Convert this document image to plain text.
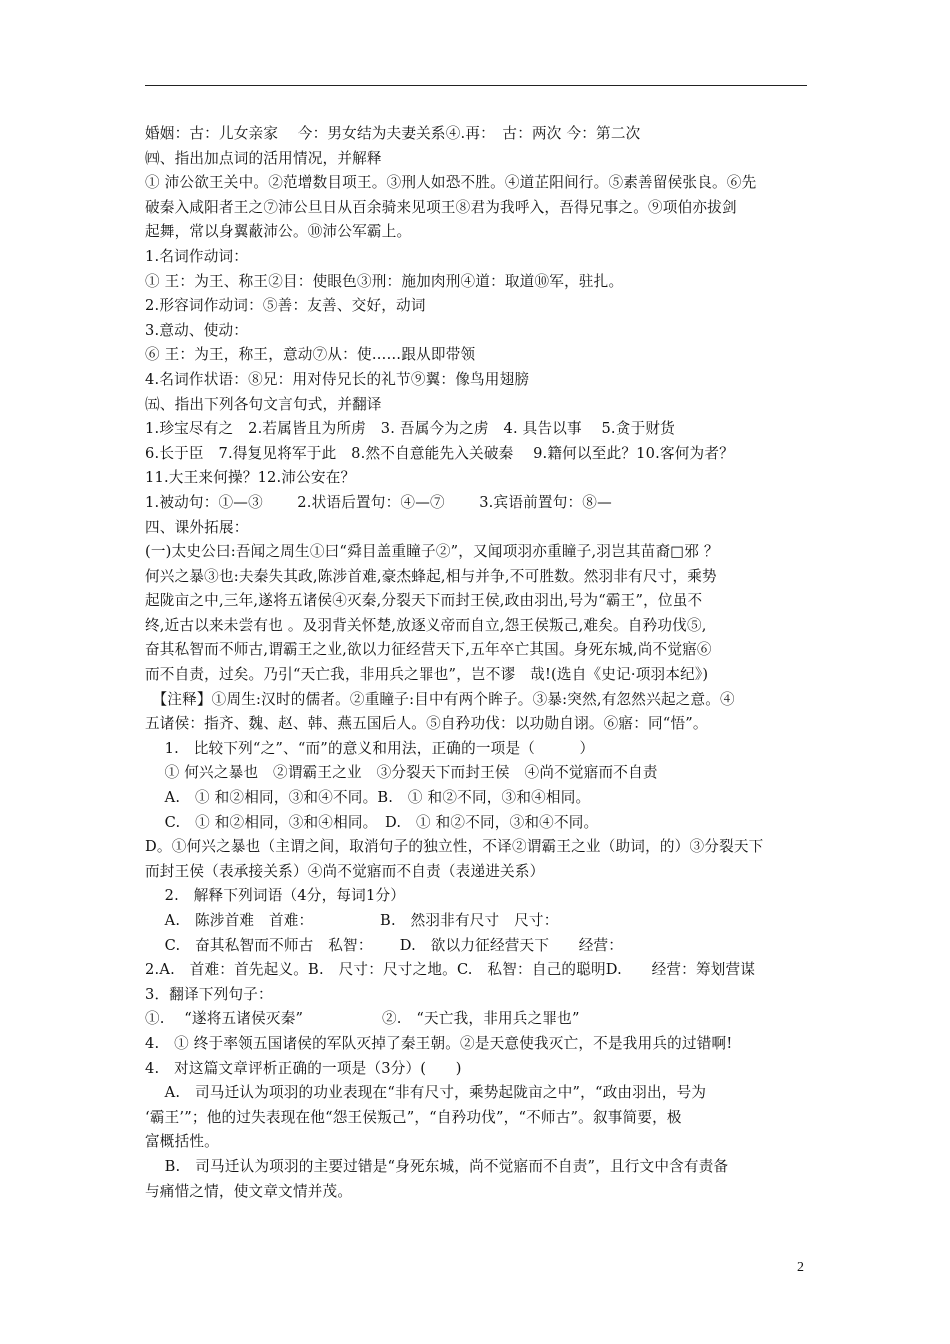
婚姻：古：儿女亲家　 今：男女结为夫妻关系④.再：　古：两次 今：第二次
㈣、指出加点词的活用情况，并解释
① 沛公欲王关中。②范增数目项王。③刑人如恐不胜。④道芷阳间行。⑤素善留侯张良。⑥先
破秦入咸阳者王之⑦沛公旦日从百余骑来见项王⑧君为我呼入，吾得兄事之。⑨项伯亦拔剑
起舞，常以身翼蔽沛公。⑩沛公军霸上。
1.名词作动词：
① 王：为王、称王②目：使眼色③刑：施加肉刑④道：取道⑩军，驻扎。
2.形容词作动词：⑤善：友善、交好，动词
3.意动、使动：
⑥ 王：为王，称王，意动⑦从：使……跟从即带领
4.名词作状语：⑧兄：用对侍兄长的礼节⑨翼：像鸟用翅膀
㈤、指出下列各句文言句式，并翻译
1.珍宝尽有之　2.若属皆且为所虏　3. 吾属今为之虏　4. 具告以事　 5.贪于财货
6.长于臣　7.得复见将军于此　8.然不自意能先入关破秦　 9.籍何以至此？10.客何为者？
11.大王来何操？12.沛公安在？
1.被动句：①—③　　 2.状语后置句：④—⑦　　 3.宾语前置句：⑧—
四、课外拓展：
(一)太史公曰:吾闻之周生①曰“舜目盖重瞳子②”，又闻项羽亦重瞳子,羽岂其苗裔□邪 ？
何兴之暴③也:夫秦失其政,陈涉首难,豪杰蜂起,相与并争,不可胜数。然羽非有尺寸，乘势
起陇亩之中,三年,遂将五诸侯④灭秦,分裂天下而封王侯,政由羽出,号为“霸王”，位虽不
终,近古以来未尝有也 。及羽背关怀楚,放逐义帝而自立,怨王侯叛己,难矣。自矜功伐⑤,
奋其私智而不师古,谓霸王之业,欲以力征经营天下,五年卒亡其国。身死东城,尚不觉寤⑥
而不自责，过矣。乃引“天亡我，非用兵之罪也”，岂不谬　哉!(选自《史记·项羽本纪》)
　【注释】①周生:汉时的儒者。②重瞳子:目中有两个眸子。③暴:突然,有忽然兴起之意。④
五诸侯：指齐、魏、赵、韩、燕五国后人。⑤自矜功伐：以功勋自诩。⑥寤：同“悟”。
　 1.　比较下列“之”、“而”的意义和用法，正确的一项是（　　　）
　 ① 何兴之暴也　②谓霸王之业　③分裂天下而封王侯　④尚不觉寤而不自责
　 A.　① 和②相同，③和④不同。B.　① 和②不同，③和④相同。
　 C.　① 和②相同，③和④相同。　D.　① 和②不同，③和④不同。
D。①何兴之暴也（主谓之间，取消句子的独立性，不译②谓霸王之业（助词，的）③分裂天下
而封王侯（表承接关系）④尚不觉寤而不自责（表递进关系）
　 2.　解释下列词语（4分，每词1分）
　 A.　陈涉首难　首难：　　　　　B.　然羽非有尺寸　尺寸：
　 C.　奋其私智而不师古　私智：　　 D.　欲以力征经营天下　　经营：
2.A.　首难：首先起义。B.　尺寸：尺寸之地。C.　私智：自己的聪明D.　　经营：筹划营谋
3．翻译下列句子：
①.　 “遂将五诸侯灭秦”　　　　　 ②.　“天亡我，非用兵之罪也”
4.　① 终于率领五国诸侯的军队灭掉了秦王朝。②是天意使我灭亡，不是我用兵的过错啊!
4.　对这篇文章评析正确的一项是（3分）(　　)
　 A.　司马迁认为项羽的功业表现在“非有尺寸，乘势起陇亩之中”，“政由羽出，号为
‘霸王’”；他的过失表现在他“怨王侯叛己”，“自矜功伐”，“不师古”。叙事简要，极
富概括性。
　 B.　司马迁认为项羽的主要过错是“身死东城，尚不觉寤而不自责”，且行文中含有责备
与痛惜之情，使文章文情并茂。
2
